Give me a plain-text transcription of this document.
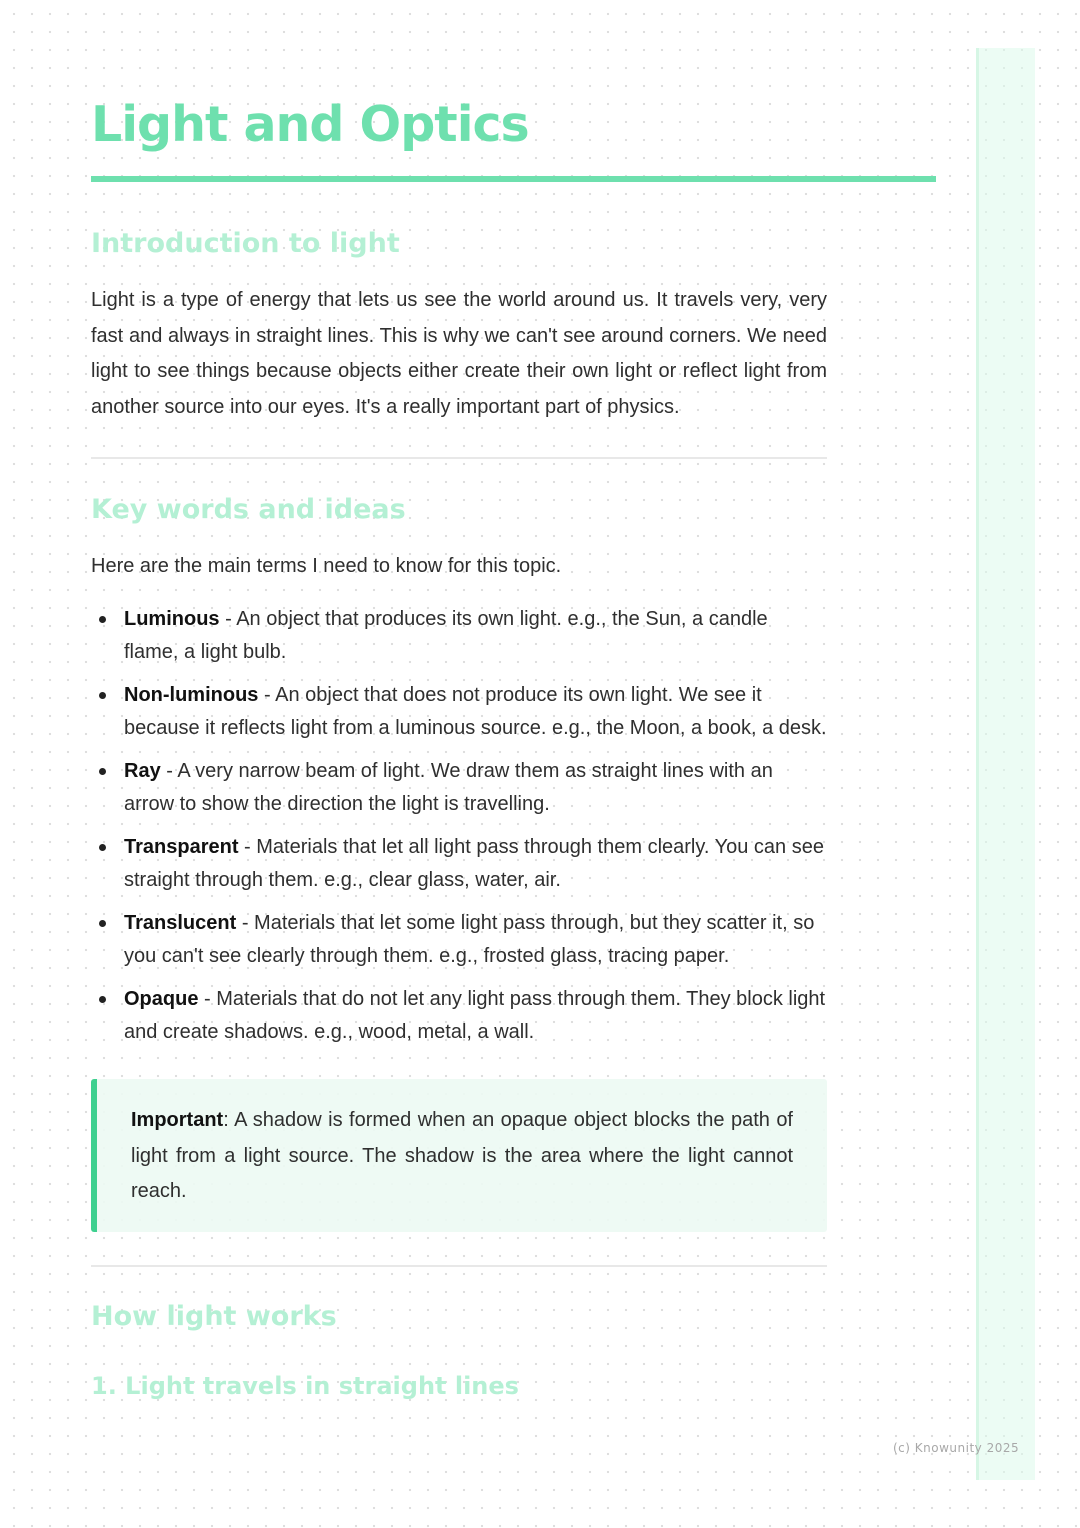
Light and Optics
Introduction to light

Light is a type of energy that lets us see the world around us. It travels very, very fast and always in straight lines. This is why we can't see around corners. We need light to see things because objects either create their own light or reflect light from another source into our eyes. It's a really important part of physics.

Key words and ideas

Here are the main terms I need to know for this topic.

Luminous - An object that produces its own light. e.g., the Sun, a candle flame, a light bulb.
Non-luminous - An object that does not produce its own light. We see it because it reflects light from a luminous source. e.g., the Moon, a book, a desk.
Ray - A very narrow beam of light. We draw them as straight lines with an arrow to show the direction the light is travelling.
Transparent - Materials that let all light pass through them clearly. You can see straight through them. e.g., clear glass, water, air.
Translucent - Materials that let some light pass through, but they scatter it, so you can't see clearly through them. e.g., frosted glass, tracing paper.
Opaque - Materials that do not let any light pass through them. They block light and create shadows. e.g., wood, metal, a wall.

Important: A shadow is formed when an opaque object blocks the path of light from a light source. The shadow is the area where the light cannot reach.

How light works
1. Light travels in straight lines
(c) Knowunity 2025
